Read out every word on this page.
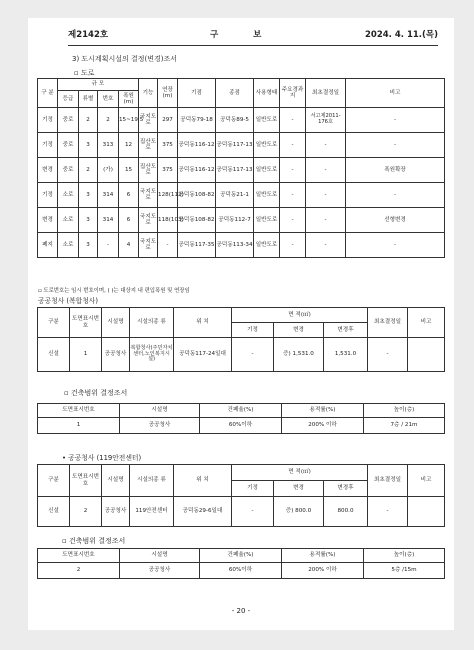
제2142호	구 보	2024. 4. 11.(목)
3) 도시계획시설의 결정(변경)조서
▫ 도로
구 분	규 모				기능	연장(m)	기점	종점	사용형태	주요경과지	최초결정일	비고
	등급	류별	번호	폭원(m)								
기정	중로	2	2	15~19.5	국지도로	297	공덕동79-18	공덕동89-5	일반도로	-	서고제2011-176호	-
기정	중로	3	313	12	집산도로	375	공덕동116-12	공덕동117-13	일반도로	-	-	-
변경	중로	2	(가)	15	집산도로	375	공덕동116-12	공덕동117-13	일반도로	-	-	폭원확장
기정	소로	3	314	6	국지도로	128(112)	공덕동108-82	공덕동21-1	일반도로	-	-	-
변경	소로	3	314	6	국지도로	118(103)	공덕동108-82	공덕동112-7	일반도로	-	-	선형변경
폐지	소로	3	-	4	국지도로	-	공덕동117-35	공덕동113-34	일반도로	-	-	-
▫ 도로번호는 임시 번호이며, ( )는 대상지 내 편입폭원 및 연장임
공공청사 (복합청사)
구분	도면표시번호	시설명	시설의종 류	위 치	면 적(㎡)			최초결정일	비고
					기정	변경	변경후		
신설	1	공공청사	복합청사(주민자치센터,노인복지시설)	공덕동117-24일대	-	증) 1,531.0	1,531.0	-	
▫ 건축범위 결정조서
도면표시번호	시설명	건폐율(%)	용적률(%)	높이(층)
1	공공청사	60%이하	200% 이하	7층 / 21m
• 공공청사 (119안전센터)
구분	도면표시번호	시설명	시설의종 류	위 치	면 적(㎡)			최초결정일	비고
					기정	변경	변경후		
신설	2	공공청사	119안전센터	공덕동29-6일대	-	증) 800.0	800.0	-	
▫ 건축범위 결정조서
도면표시번호	시설명	건폐율(%)	용적률(%)	높이(층)
2	공공청사	60%이하	200% 이하	5층 /15m
- 20 -
